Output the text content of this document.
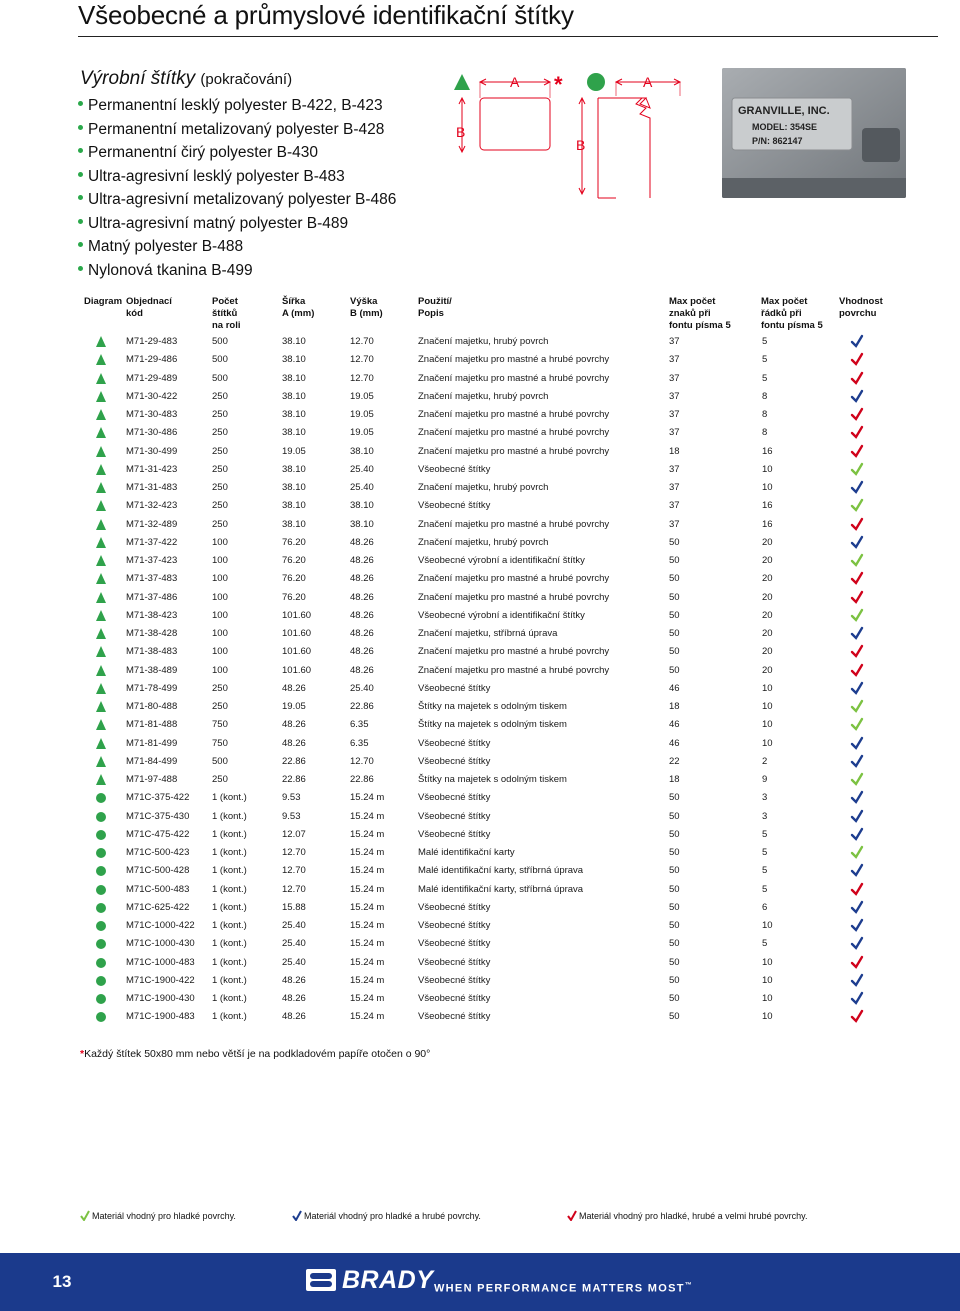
Všeobecné a průmyslové identifikační štítky
Výrobní štítky (pokračování)
Permanentní lesklý polyester B-422, B-423
Permanentní metalizovaný polyester B-428
Permanentní čirý polyester B-430
Ultra-agresivní lesklý polyester B-483
Ultra-agresivní metalizovaný polyester B-486
Ultra-agresivní matný polyester B-489
Matný polyester B-488
Nylonová tkanina B-499
A
B
*	A
B
GRANVILLE, INC.
MODEL: 354SE
P/N: 862147
Diagram Objednací
kód
Počet
štítků
na roli
Šířka
A (mm)
Výška
B (mm)
Použití/
Popis
Max počet
znaků při
fontu písma 5
Max počet
řádků při
fontu písma 5
Vhodnost
povrchu
M71-29-483	500	38.10	12.70	Značení majetku, hrubý povrch	37	5
M71-29-486	500	38.10	12.70	Značení majetku pro mastné a hrubé povrchy	37	5
M71-29-489	500	38.10	12.70	Značení majetku pro mastné a hrubé povrchy	37	5
M71-30-422	250	38.10	19.05	Značení majetku, hrubý povrch	37	8
M71-30-483	250	38.10	19.05	Značení majetku pro mastné a hrubé povrchy	37	8
M71-30-486	250	38.10	19.05	Značení majetku pro mastné a hrubé povrchy	37	8
M71-30-499	250	19.05	38.10	Značení majetku pro mastné a hrubé povrchy	18	16
M71-31-423	250	38.10	25.40	Všeobecné štítky	37	10
M71-31-483	250	38.10	25.40	Značení majetku, hrubý povrch	37	10
M71-32-423	250	38.10	38.10	Všeobecné štítky	37	16
M71-32-489	250	38.10	38.10	Značení majetku pro mastné a hrubé povrchy	37	16
M71-37-422	100	76.20	48.26	Značení majetku, hrubý povrch	50	20
M71-37-423	100	76.20	48.26	Všeobecné výrobní a identifikační štítky	50	20
M71-37-483	100	76.20	48.26	Značení majetku pro mastné a hrubé povrchy	50	20
M71-37-486	100	76.20	48.26	Značení majetku pro mastné a hrubé povrchy	50	20
M71-38-423	100	101.60	48.26	Všeobecné výrobní a identifikační štítky	50	20
M71-38-428	100	101.60	48.26	Značení majetku, stříbrná úprava	50	20
M71-38-483	100	101.60	48.26	Značení majetku pro mastné a hrubé povrchy	50	20
M71-38-489	100	101.60	48.26	Značení majetku pro mastné a hrubé povrchy	50	20
M71-78-499	250	48.26	25.40	Všeobecné štítky	46	10
M71-80-488	250	19.05	22.86	Štítky na majetek s odolným tiskem	18	10
M71-81-488	750	48.26	6.35	Štítky na majetek s odolným tiskem	46	10
M71-81-499	750	48.26	6.35	Všeobecné štítky	46	10
M71-84-499	500	22.86	12.70	Všeobecné štítky	22	2
M71-97-488	250	22.86	22.86	Štítky na majetek s odolným tiskem	18	9
M71C-375-422 1 (kont.)	9.53	15.24 m	Všeobecné štítky	50	3
M71C-375-430 1 (kont.)	9.53	15.24 m	Všeobecné štítky	50	3
M71C-475-422 1 (kont.)	12.07	15.24 m	Všeobecné štítky	50	5
M71C-500-423 1 (kont.)	12.70	15.24 m	Malé identifikační karty	50	5
M71C-500-428 1 (kont.)	12.70	15.24 m	Malé identifikační karty, stříbrná úprava	50	5
M71C-500-483 1 (kont.)	12.70	15.24 m	Malé identifikační karty, stříbrná úprava	50	5
M71C-625-422 1 (kont.)	15.88	15.24 m	Všeobecné štítky	50	6
M71C-1000-422 1 (kont.)	25.40	15.24 m	Všeobecné štítky	50	10
M71C-1000-430 1 (kont.)	25.40	15.24 m	Všeobecné štítky	50	5
M71C-1000-483 1 (kont.)	25.40	15.24 m	Všeobecné štítky	50	10
M71C-1900-422 1 (kont.)	48.26	15.24 m	Všeobecné štítky	50	10
M71C-1900-430 1 (kont.)	48.26	15.24 m	Všeobecné štítky	50	10
M71C-1900-483 1 (kont.)	48.26	15.24 m	Všeobecné štítky	50	10
*Každý štítek 50x80 mm nebo větší je na podkladovém papíře otočen o 90°
Materiál vhodný pro hladké povrchy.	Materiál vhodný pro hladké a hrubé povrchy.	Materiál vhodný pro hladké, hrubé a velmi hrubé povrchy.
13	BRADY WHEN PERFORMANCE MATTERS MOST™
